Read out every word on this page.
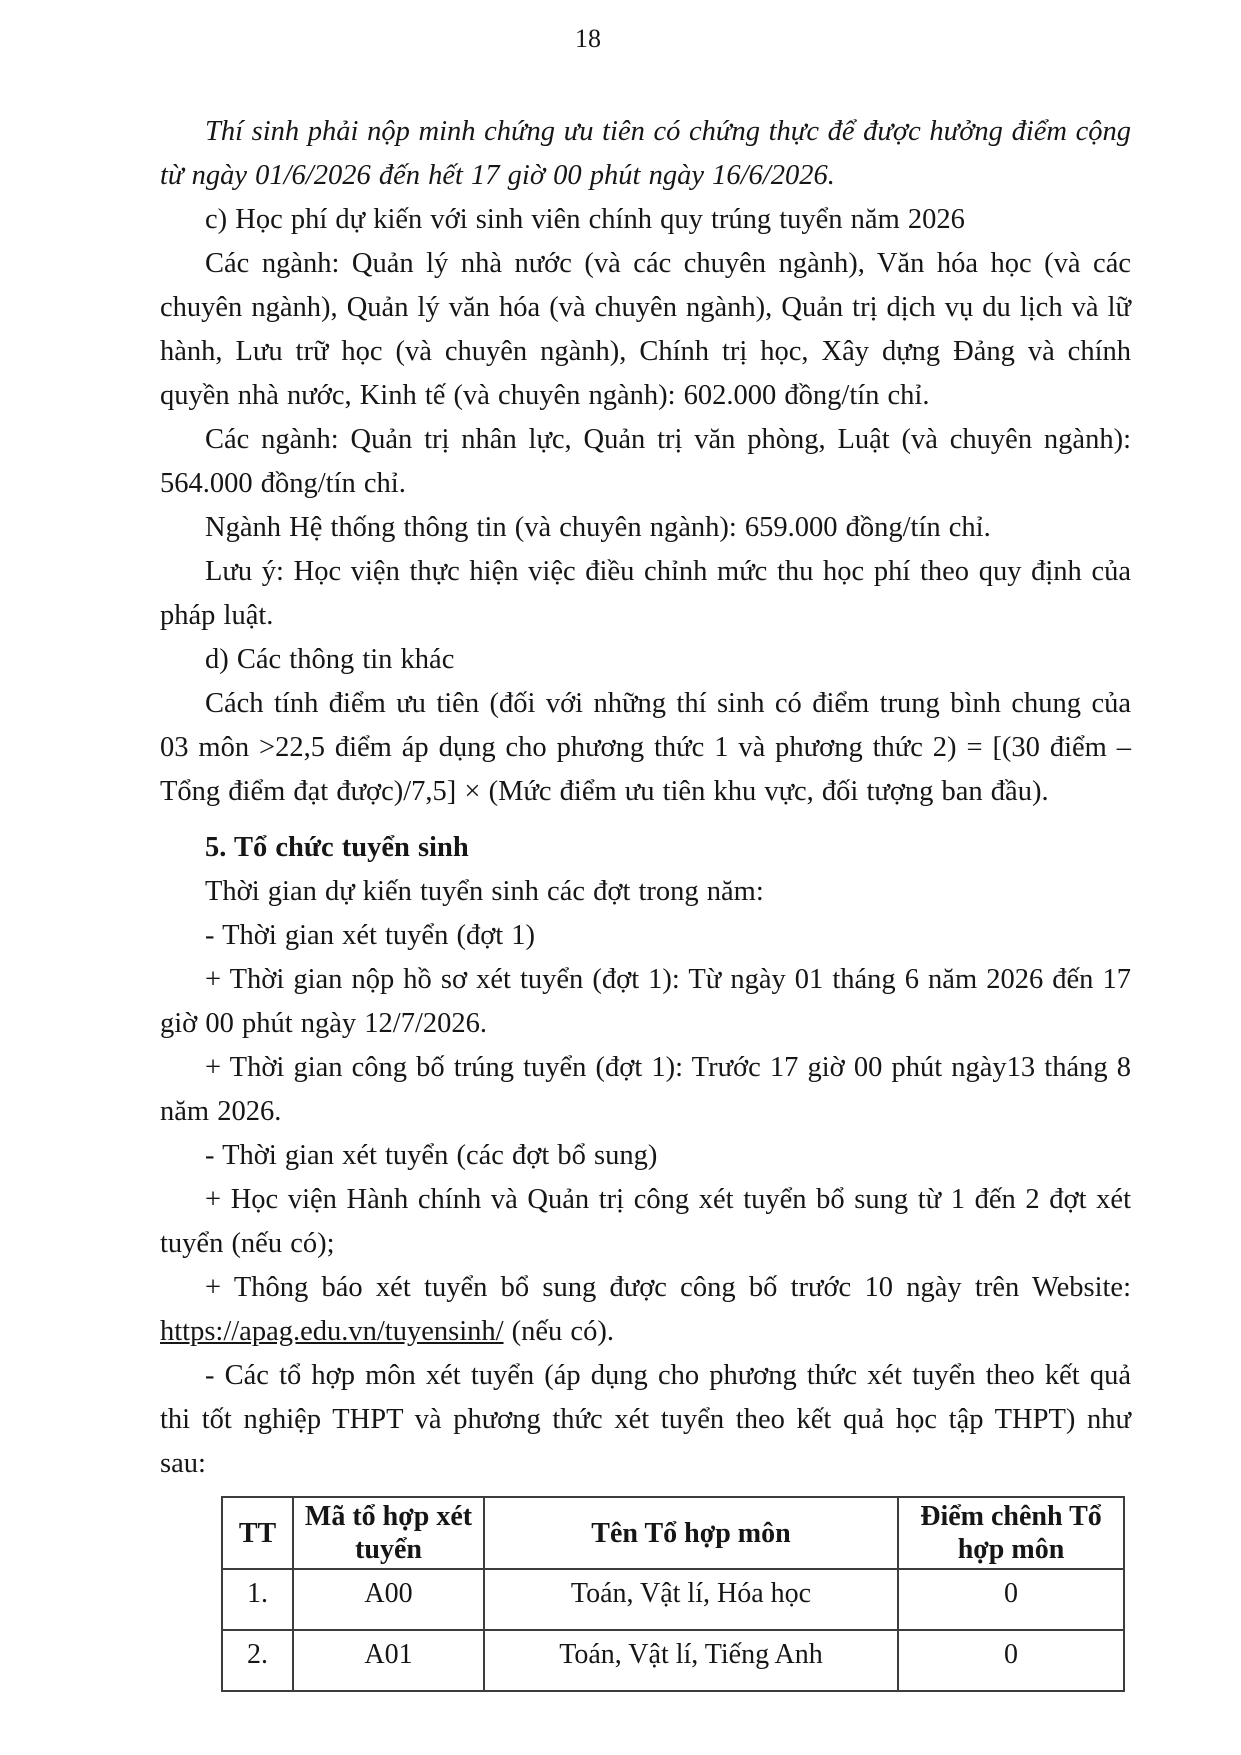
18

Thí sinh phải nộp minh chứng ưu tiên có chứng thực để được hưởng điểm cộng từ ngày 01/6/2026 đến hết 17 giờ 00 phút ngày 16/6/2026.

c) Học phí dự kiến với sinh viên chính quy trúng tuyển năm 2026

Các ngành: Quản lý nhà nước (và các chuyên ngành), Văn hóa học (và các chuyên ngành), Quản lý văn hóa (và chuyên ngành), Quản trị dịch vụ du lịch và lữ hành, Lưu trữ học (và chuyên ngành), Chính trị học, Xây dựng Đảng và chính quyền nhà nước, Kinh tế (và chuyên ngành): 602.000 đồng/tín chỉ.

Các ngành: Quản trị nhân lực, Quản trị văn phòng, Luật (và chuyên ngành): 564.000 đồng/tín chỉ.

Ngành Hệ thống thông tin (và chuyên ngành): 659.000 đồng/tín chỉ.

Lưu ý: Học viện thực hiện việc điều chỉnh mức thu học phí theo quy định của pháp luật.

d) Các thông tin khác

Cách tính điểm ưu tiên (đối với những thí sinh có điểm trung bình chung của 03 môn >22,5 điểm áp dụng cho phương thức 1 và phương thức 2) = [(30 điểm – Tổng điểm đạt được)/7,5] × (Mức điểm ưu tiên khu vực, đối tượng ban đầu).

5. Tổ chức tuyển sinh

Thời gian dự kiến tuyển sinh các đợt trong năm:

- Thời gian xét tuyển (đợt 1)

+ Thời gian nộp hồ sơ xét tuyển (đợt 1): Từ ngày 01 tháng 6 năm 2026 đến 17 giờ 00 phút ngày 12/7/2026.

+ Thời gian công bố trúng tuyển (đợt 1): Trước 17 giờ 00 phút ngày13 tháng 8 năm 2026.

- Thời gian xét tuyển (các đợt bổ sung)

+ Học viện Hành chính và Quản trị công xét tuyển bổ sung từ 1 đến 2 đợt xét tuyển (nếu có);

+ Thông báo xét tuyển bổ sung được công bố trước 10 ngày trên Website: https://apag.edu.vn/tuyensinh/ (nếu có).

- Các tổ hợp môn xét tuyển (áp dụng cho phương thức xét tuyển theo kết quả thi tốt nghiệp THPT và phương thức xét tuyển theo kết quả học tập THPT) như sau:

TT	Mã tổ hợp xét tuyển	Tên Tổ hợp môn	Điểm chênh Tổ hợp môn
1.	A00	Toán, Vật lí, Hóa học	0
2.	A01	Toán, Vật lí, Tiếng Anh	0
